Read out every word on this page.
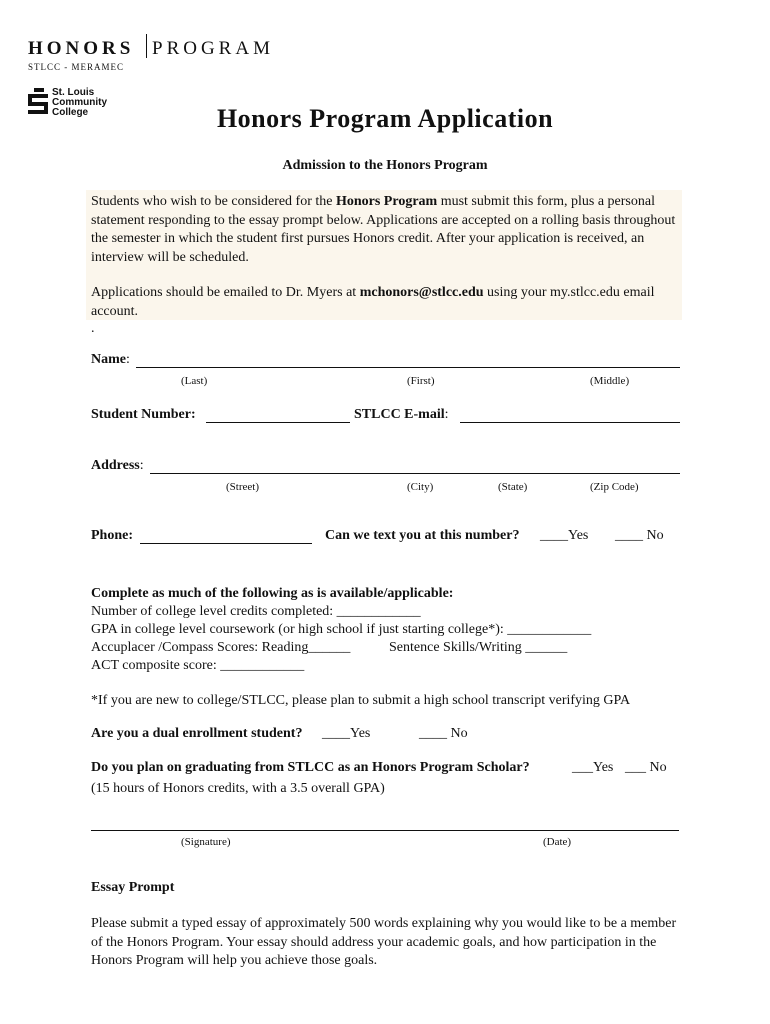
HONORS PROGRAM
STLCC - MERAMEC
St. Louis
Community
College	Honors Program Application
Admission to the Honors Program
Students who wish to be considered for the Honors Program must submit this form, plus a personal statement responding to the essay prompt below. Applications are accepted on a rolling basis throughout the semester in which the student first pursues Honors credit. After your application is received, an interview will be scheduled.
Applications should be emailed to Dr. Myers at mchonors@stlcc.edu using your my.stlcc.edu email account.
.
Name:
(Last)	(First)	(Middle)
Student Number:	STLCC E-mail:
Address:
(Street)	(City)	(State)	(Zip Code)
Phone:	Can we text you at this number? ____Yes ____ No
Complete as much of the following as is available/applicable:
Number of college level credits completed: ____________
GPA in college level coursework (or high school if just starting college*): ____________
Accuplacer /Compass Scores: Reading______	Sentence Skills/Writing ______
ACT composite score: ____________
*If you are new to college/STLCC, please plan to submit a high school transcript verifying GPA
Are you a dual enrollment student? ____Yes	____ No
Do you plan on graduating from STLCC as an Honors Program Scholar?	___Yes ___ No
(15 hours of Honors credits, with a 3.5 overall GPA)
(Signature)	(Date)
Essay Prompt
Please submit a typed essay of approximately 500 words explaining why you would like to be a member of the Honors Program. Your essay should address your academic goals, and how participation in the Honors Program will help you achieve those goals.
